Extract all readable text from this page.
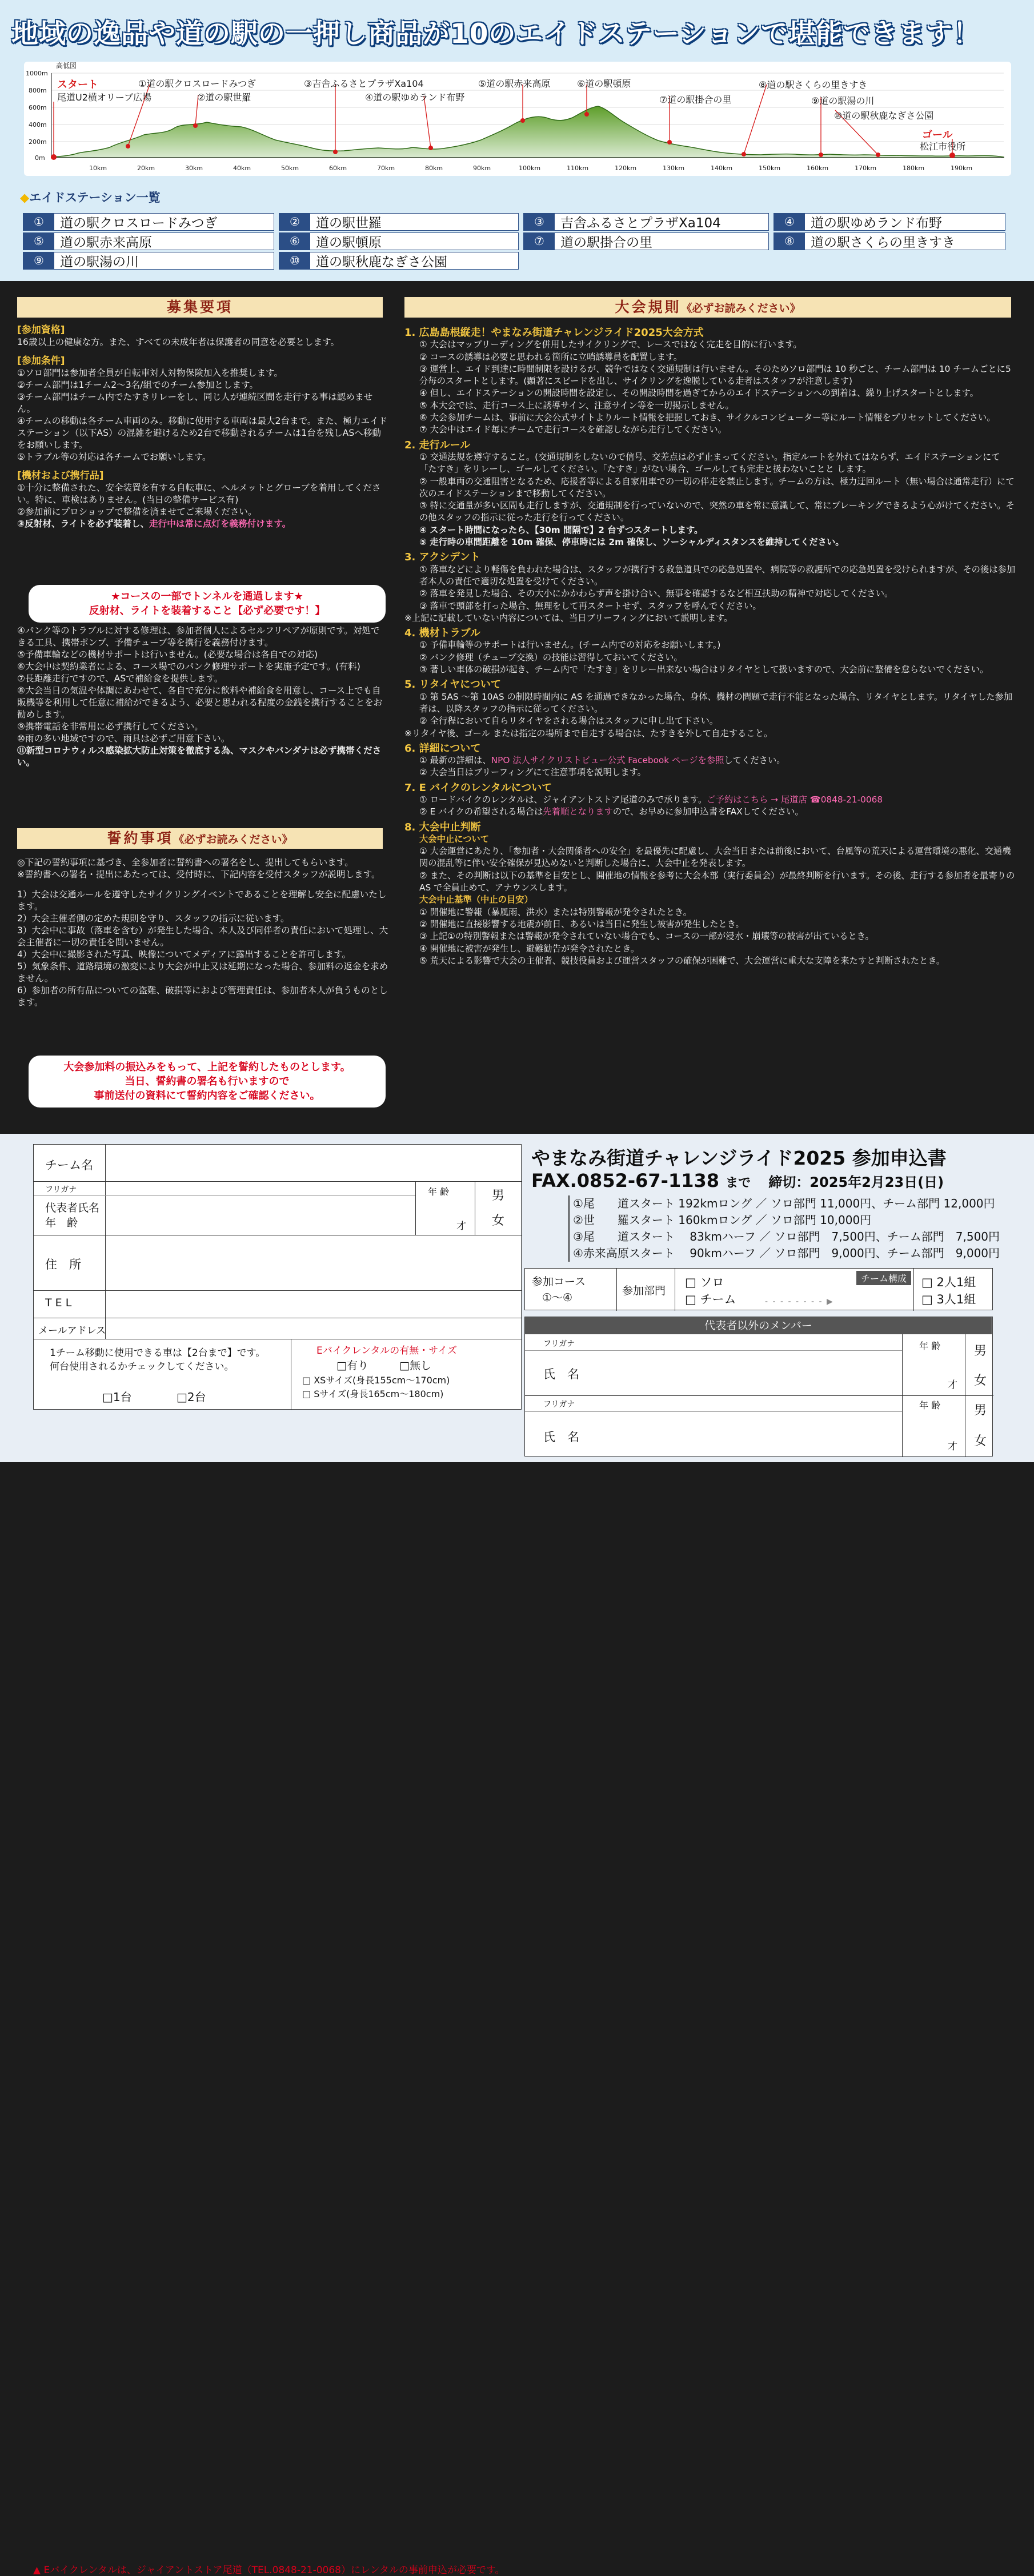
地域の逸品や道の駅の一押し商品が10のエイドステーションで堪能できます！
高低図
1000m
800m
600m
400m
200m
0m
10km	20km	30km	40km	50km	60km	70km	80km	90km	100km	110km	120km	130km	140km	150km	160km	170km	180km	190km
スタート
尾道U2横オリーブ広場
①道の駅クロスロードみつぎ
②道の駅世羅
③吉舎ふるさとプラザXa104
④道の駅ゆめランド布野
⑤道の駅赤来高原	⑥道の駅頓原
⑦道の駅掛合の里
⑧道の駅さくらの里きすき
⑨道の駅湯の川
⑩道の駅秋鹿なぎさ公園
ゴール
松江市役所
◆エイドステーション一覧
①	道の駅クロスロードみつぎ	②	道の駅世羅	③	吉舎ふるさとプラザXa104	④	道の駅ゆめランド布野
⑤	道の駅赤来高原	⑥	道の駅頓原	⑦	道の駅掛合の里	⑧	道の駅さくらの里きすき
⑨	道の駅湯の川	⑩	道の駅秋鹿なぎさ公園
募集要項

[参加資格]

16歳以上の健康な方。また、すべての未成年者は保護者の同意を必要とします。

[参加条件]

①ソロ部門は参加者全員が自転車対人対物保険加入を推奨します。

②チーム部門は1チーム2～3名/組でのチーム参加とします。

③チーム部門はチーム内でたすきリレーをし、同じ人が連続区間を走行する事は認めません。

④チームの移動は各チーム車両のみ。移動に使用する車両は最大2台まで。また、極力エイドステーション（以下AS）の混雑を避けるため2台で移動されるチームは1台を残しASへ移動をお願いします。

⑤トラブル等の対応は各チームでお願いします。

[機材および携行品]

①十分に整備された、安全装置を有する自転車に、ヘルメットとグローブを着用してください。特に、車検はありません。(当日の整備サービス有)

②参加前にプロショップで整備を済ませてご来場ください。

③反射材、ライトを必ず装着し、走行中は常に点灯を義務付けます。

★コースの一部でトンネルを通過します★
反射材、ライトを装着すること【必ず必要です！】

④パンク等のトラブルに対する修理は、参加者個人によるセルフリペアが原則です。対処できる工具、携帯ポンプ、予備チューブ等を携行を義務付けます。

⑤予備車輪などの機材サポートは行いません。(必要な場合は各自での対応)

⑥大会中は契約業者による、コース場でのパンク修理サポートを実施予定です。(有料)

⑦長距離走行ですので、ASで補給食を提供します。

⑧大会当日の気温や体調にあわせて、各自で充分に飲料や補給食を用意し、コース上でも自販機等を利用して任意に補給ができるよう、必要と思われる程度の金銭を携行することをお勧めします。

⑨携帯電話を非常用に必ず携行してください。

⑩雨の多い地域ですので、雨具は必ずご用意下さい。

⑪新型コロナウィルス感染拡大防止対策を徹底する為、マスクやバンダナは必ず携帯ください。

誓約事項《必ずお読みください》

◎下記の誓約事項に基づき、全参加者に誓約書への署名をし、提出してもらいます。

※誓約書への署名・提出にあたっては、受付時に、下記内容を受付スタッフが説明します。

1）大会は交通ルールを遵守したサイクリングイベントであることを理解し安全に配慮いたします。

2）大会主催者側の定めた規則を守り、スタッフの指示に従います。

3）大会中に事故（落車を含む）が発生した場合、本人及び同伴者の責任において処理し、大会主催者に一切の責任を問いません。

4）大会中に撮影された写真、映像についてメディアに露出することを許可します。

5）気象条件、道路環境の激変により大会が中止又は延期になった場合、参加料の返金を求めません。

6）参加者の所有品についての盗難、破損等におよび管理責任は、参加者本人が負うものとします。

大会参加料の振込みをもって、上記を誓約したものとします。
当日、誓約書の署名も行いますので
事前送付の資料にて誓約内容をご確認ください。
大会規則《必ずお読みください》

1. 広島島根縦走！やまなみ街道チャレンジライド2025大会方式

① 大会はマップリーディングを併用したサイクリングで、レースではなく完走を目的に行います。

② コースの誘導は必要と思われる箇所に立哨誘導員を配置します。

③ 運営上、エイド到達に時間制限を設けるが、競争ではなく交通規制は行いません。そのためソロ部門は 10 秒ごと、チーム部門は 10 チームごとに5分毎のスタートとします。(顕著にスピードを出し、サイクリングを逸脱している走者はスタッフが注意します)

④ 但し、エイドステーションの開設時間を設定し、その開設時間を過ぎてからのエイドステーションへの到着は、繰り上げスタートとします。

⑤ 本大会では、走行コース上に誘導サイン、注意サイン等を一切掲示しません。

⑥ 大会参加チームは、事前に大会公式サイトよりルート情報を把握しておき、サイクルコンピューター等にルート情報をプリセットしてください。

⑦ 大会中はエイド毎にチームで走行コースを確認しながら走行してください。

2. 走行ルール

① 交通法規を遵守すること。(交通規制をしないので信号、交差点は必ず止まってください。指定ルートを外れてはならず、エイドステーションにて「たすき」をリレーし、ゴールしてください。「たすき」がない場合、ゴールしても完走と扱わないことと します。

② 一般車両の交通阻害となるため、応援者等による自家用車での一切の伴走を禁止します。チームの方は、極力迂回ルート（無い場合は通常走行）にて次のエイドステーションまで移動してください。

③ 特に交通量が多い区間も走行しますが、交通規制を行っていないので、突然の車を常に意識して、常にブレーキングできるよう心がけてください。その他スタッフの指示に従った走行を行ってください。

④ スタート時間になったら、【30m 間隔で】2 台ずつスタートします。

⑤ 走行時の車間距離を 10m 確保、停車時には 2m 確保し、ソーシャルディスタンスを維持してください。

3. アクシデント

① 落車などにより軽傷を負われた場合は、スタッフが携行する救急道具での応急処置や、病院等の救護所での応急処置を受けられますが、その後は参加者本人の責任で適切な処置を受けてください。

② 落車を発見した場合、その大小にかかわらず声を掛け合い、無事を確認するなど相互扶助の精神で対応してください。

③ 落車で頭部を打った場合、無理をして再スタートせず、スタッフを呼んでください。

※上記に記載していない内容については、当日ブリーフィングにおいて説明します。

4. 機材トラブル

① 予備車輪等のサポートは行いません。(チーム内での対応をお願いします。)

② パンク修理（チューブ交換）の技能は習得しておいてください。

③ 著しい車体の破損が起き、チーム内で「たすき」をリレー出来ない場合はリタイヤとして扱いますので、大会前に整備を怠らないでください。

5. リタイヤについて

① 第 5AS ～第 10AS の制限時間内に AS を通過できなかった場合、身体、機材の問題で走行不能となった場合、リタイヤとします。リタイヤした参加者は、以降スタッフの指示に従ってください。

② 全行程において自らリタイヤをされる場合はスタッフに申し出て下さい。

※リタイヤ後、ゴール または指定の場所まで自走する場合は、たすきを外して自走すること。

6. 詳細について

① 最新の詳細は、NPO 法人サイクリストビュー公式 Facebook ページを参照してください。

② 大会当日はブリーフィングにて注意事項を説明します。

7. E バイクのレンタルについて

① ロードバイクのレンタルは、ジャイアントストア尾道のみで承ります。ご予約はこちら → 尾道店 ☎0848-21-0068

② E バイクの希望される場合は先着順となりますので、お早めに参加申込書をFAXしてください。

8. 大会中止判断

大会中止について

① 大会運営にあたり、「参加者・大会関係者への安全」を最優先に配慮し、大会当日または前後において、台風等の荒天による運営環境の悪化、交通機関の混乱等に伴い安全確保が見込めないと判断した場合に、大会中止を発表します。

② また、その判断は以下の基準を目安とし、開催地の情報を参考に大会本部（実行委員会）が最終判断を行います。その後、走行する参加者を最寄りの AS で全員止めて、アナウンスします。

大会中止基準（中止の目安）

① 開催地に警報（暴風雨、洪水）または特別警報が発令されたとき。

② 開催地に直接影響する地震が前日、あるいは当日に発生し被害が発生したとき。

③ 上記①の特別警報または警報が発令されていない場合でも、コースの一部が浸水・崩壊等の被害が出ているとき。

④ 開催地に被害が発生し、避難勧告が発令されたとき。

⑤ 荒天による影響で大会の主催者、競技役員および運営スタッフの確保が困難で、大会運営に重大な支障を来たすと判断されたとき。

チーム名
フリガナ
代表者氏名
年　齢
年 齢
才
男
女
住　所
T E L
メールアドレス
1チーム移動に使用できる車は【2台まで】です。
何台使用されるかチェックしてください。
□1台	□2台
Eバイクレンタルの有無・サイズ
□有り	□無し
□ XSサイズ(身長155cm～170cm)
□ Sサイズ(身長165cm～180cm)
▲ Eバイクレンタルは、ジャイアントストア尾道（TEL.0848-21-0068）にレンタルの事前申込が必要です。
やまなみ街道チャレンジライド2025 参加申込書
FAX.0852-67-1138 まで 締切：2025年2月23日(日)
①尾　　道スタート 192kmロング ／ ソロ部門 11,000円、チーム部門 12,000円
②世　　羅スタート 160kmロング ／ ソロ部門 10,000円
③尾　　道スタート　 83kmハーフ ／ ソロ部門　7,500円、チーム部門　7,500円
④赤来高原スタート　 90kmハーフ ／ ソロ部門　9,000円、チーム部門　9,000円
参加コース
①～④
参加部門
□ ソロ
□ チーム	- - - - - - - - ▶
チーム構成	□ 2人1組
□ 3人1組
代表者以外のメンバー
フリガナ
氏　名
年 齢
才
男
女
フリガナ
氏　名
年 齢
才
男
女
